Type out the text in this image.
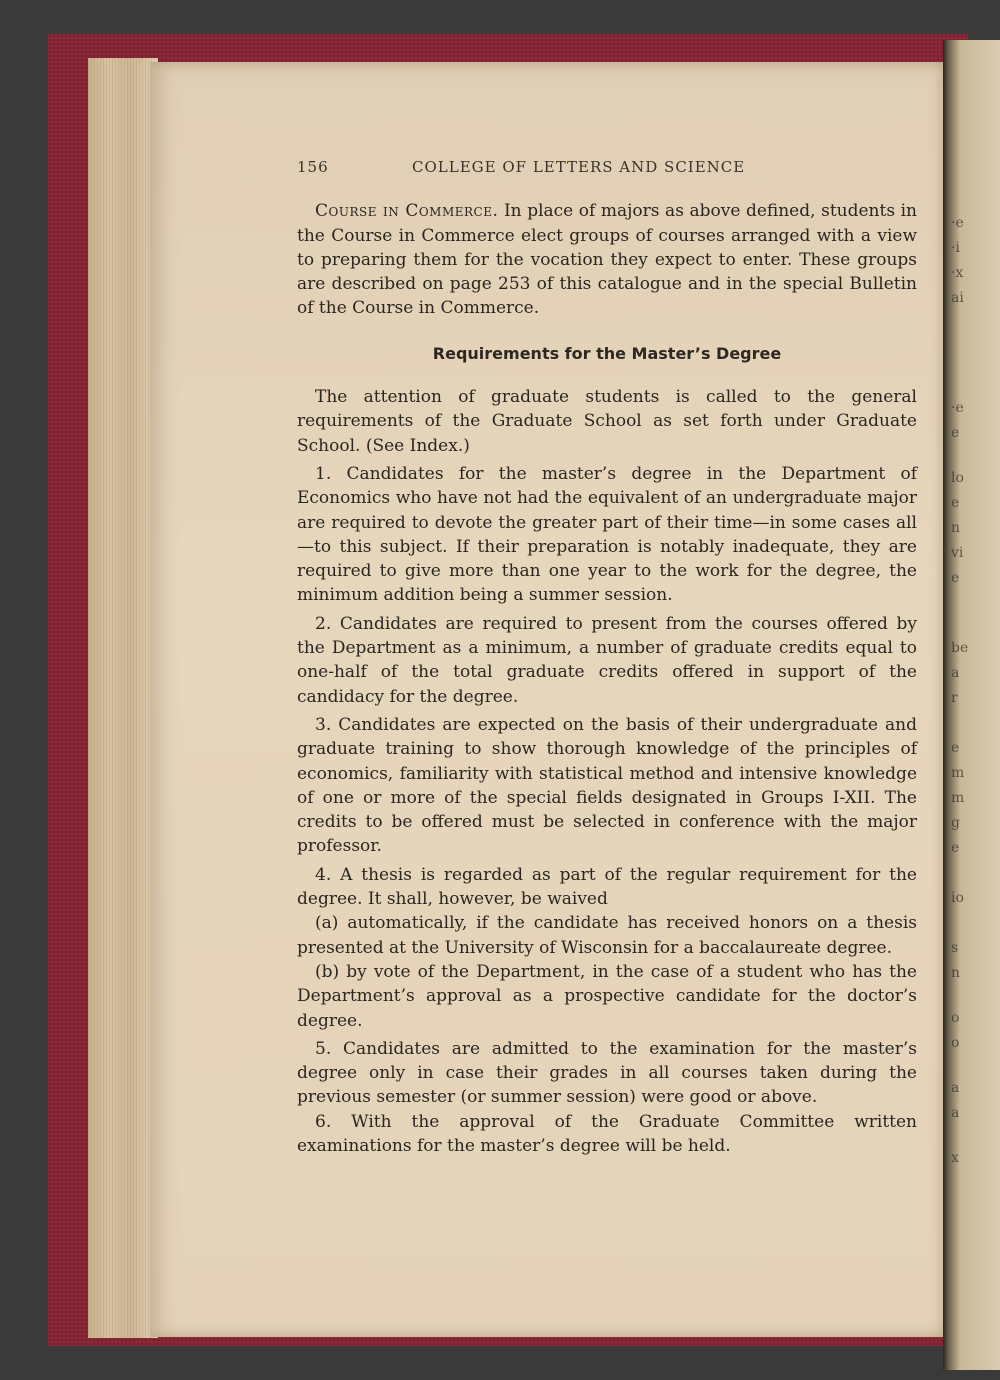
·e
·i
·x
ai
·e
e
lo
e
n
vi
e
be
a
r
e
m
m
g
e
io
s
n
o
o
a
a
x
156	COLLEGE OF LETTERS AND SCIENCE

Course in Commerce. In place of majors as above defined, students in the Course in Commerce elect groups of courses arranged with a view to preparing them for the vocation they expect to enter. These groups are described on page 253 of this catalogue and in the special Bulletin of the Course in Commerce.

Requirements for the Master’s Degree

The attention of graduate students is called to the general requirements of the Graduate School as set forth under Graduate School. (See Index.)

1. Candidates for the master’s degree in the Department of Economics who have not had the equivalent of an undergraduate major are required to devote the greater part of their time—in some cases all—to this subject. If their preparation is notably inadequate, they are required to give more than one year to the work for the degree, the minimum addition being a summer session.

2. Candidates are required to present from the courses offered by the Department as a minimum, a number of graduate credits equal to one-half of the total graduate credits offered in support of the candidacy for the degree.

3. Candidates are expected on the basis of their undergraduate and graduate training to show thorough knowledge of the principles of economics, familiarity with statistical method and intensive knowledge of one or more of the special fields designated in Groups I-XII. The credits to be offered must be selected in conference with the major professor.

4. A thesis is regarded as part of the regular requirement for the degree. It shall, however, be waived

(a) automatically, if the candidate has received honors on a thesis presented at the University of Wisconsin for a baccalaureate degree.

(b) by vote of the Department, in the case of a student who has the Department’s approval as a prospective candidate for the doctor’s degree.

5. Candidates are admitted to the examination for the master’s degree only in case their grades in all courses taken during the previous semester (or summer session) were good or above.

6. With the approval of the Graduate Committee written examinations for the master’s degree will be held.
